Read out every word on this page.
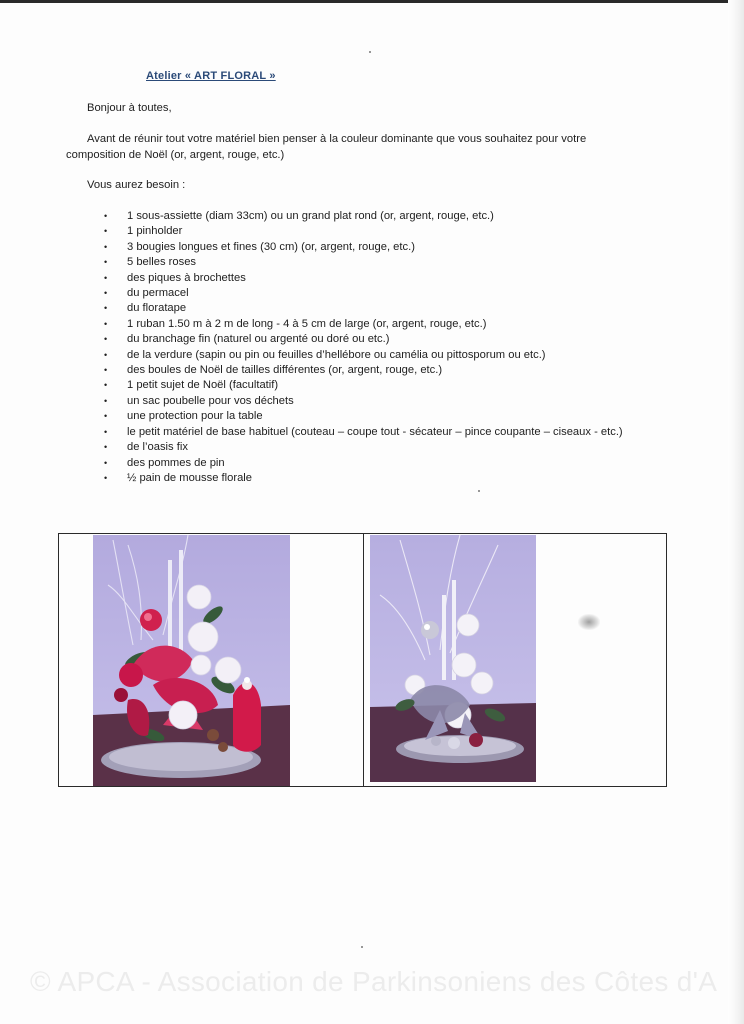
Atelier « ART FLORAL »

Bonjour à toutes,

Avant de réunir tout votre matériel bien penser à la couleur dominante que vous souhaitez pour votre composition de Noël (or, argent, rouge, etc.)

Vous aurez besoin :

• 1 sous-assiette (diam 33cm) ou un grand plat rond (or, argent, rouge, etc.)
• 1 pinholder
• 3 bougies longues et fines (30 cm) (or, argent, rouge, etc.)
• 5 belles roses
• des piques à brochettes
• du permacel
• du floratape
• 1 ruban 1.50 m à 2 m de long - 4 à 5 cm de large (or, argent, rouge, etc.)
• du branchage fin (naturel ou argenté ou doré ou etc.)
• de la verdure (sapin ou pin ou feuilles d’hellébore ou camélia ou pittosporum ou etc.)
• des boules de Noël de tailles différentes (or, argent, rouge, etc.)
• 1 petit sujet de Noël (facultatif)
• un sac poubelle pour vos déchets
• une protection pour la table
• le petit matériel de base habituel (couteau – coupe tout - sécateur – pince coupante – ciseaux - etc.)
• de l’oasis fix
• des pommes de pin
• ½ pain de mousse florale
© APCA - Association de Parkinsoniens des Côtes d'A
